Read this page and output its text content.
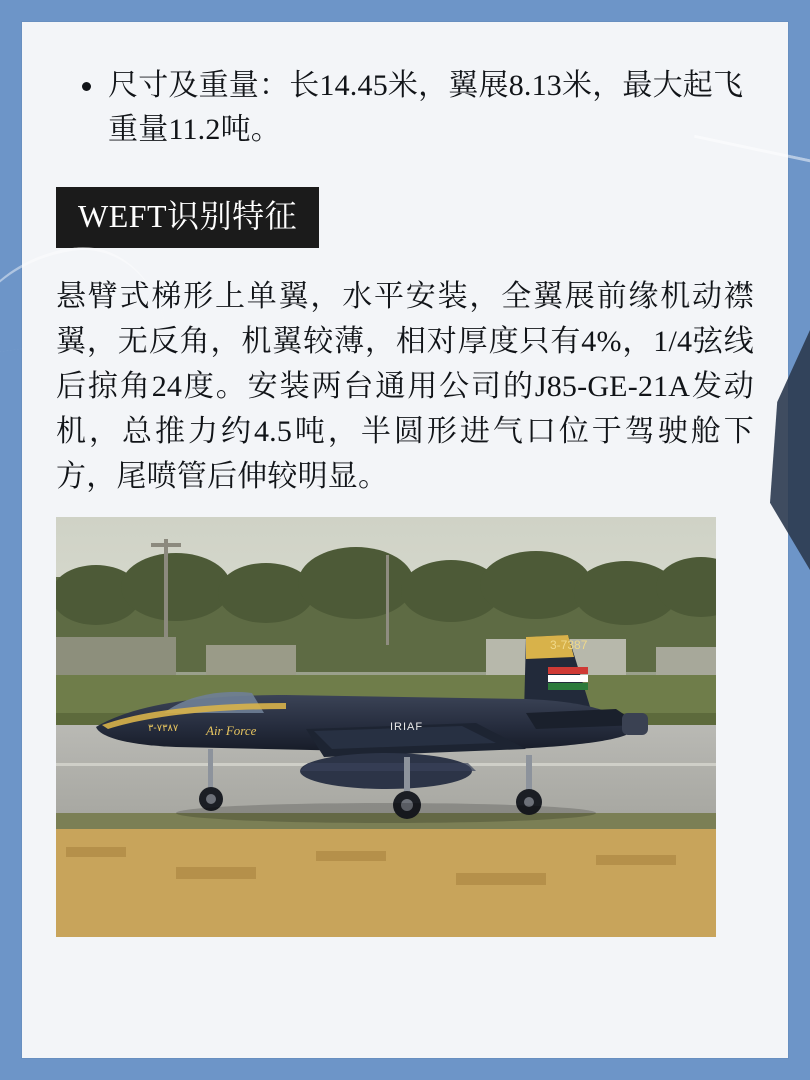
尺寸及重量：长14.45米，翼展8.13米，最大起飞重量11.2吨。
WEFT识别特征

悬臂式梯形上单翼，水平安装，全翼展前缘机动襟翼，无反角，机翼较薄，相对厚度只有4%，1/4弦线后掠角24度。安装两台通用公司的J85-GE-21A发动机，总推力约4.5吨，半圆形进气口位于驾驶舱下方，尾喷管后伸较明显。

۳-۷۳۸۷ Air Force	IRIAF
3-7387
